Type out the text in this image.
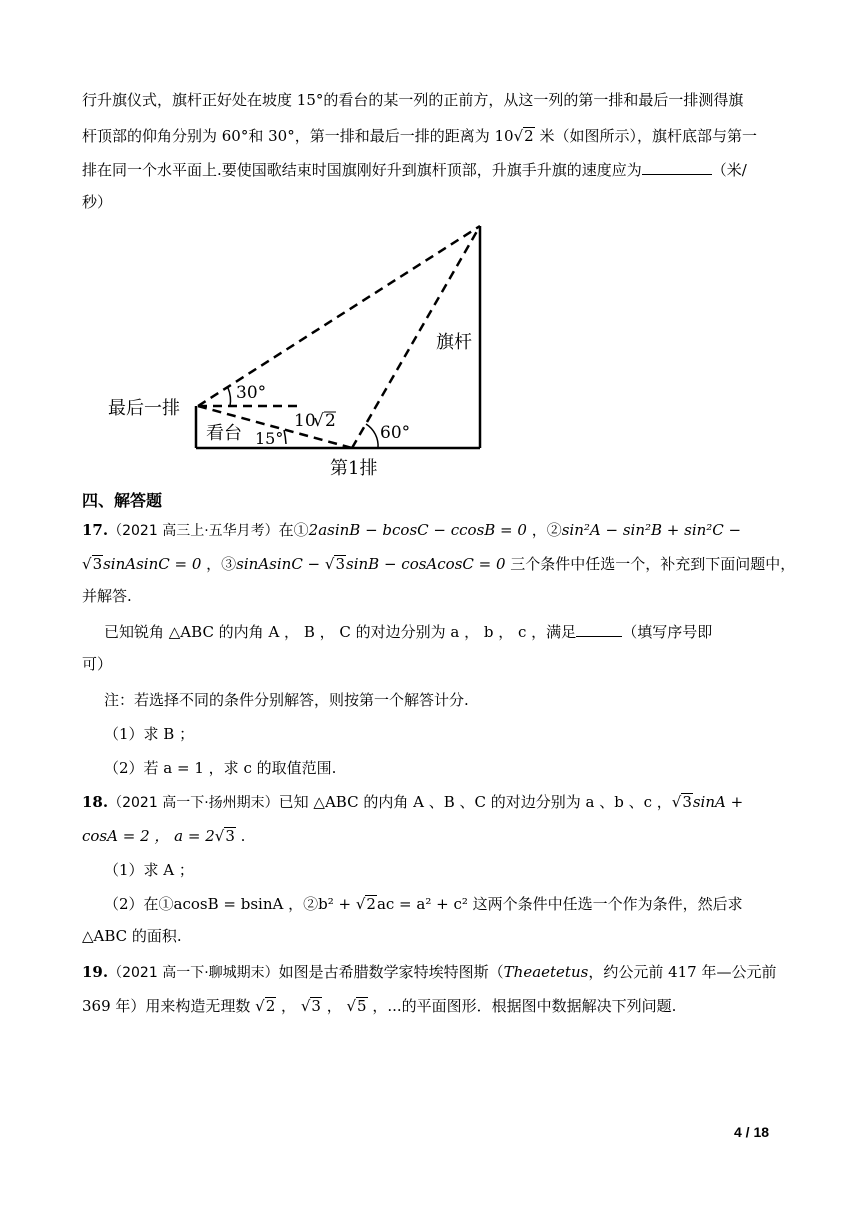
行升旗仪式，旗杆正好处在坡度 15°的看台的某一列的正前方，从这一列的第一排和最后一排测得旗
杆顶部的仰角分别为 60°和 30°，第一排和最后一排的距离为 10√2 米（如图所示），旗杆底部与第一
排在同一个水平面上.要使国歌结束时国旗刚好升到旗杆顶部，升旗手升旗的速度应为	（米/
秒）
旗杆
最后一排
看台
第1排
30°
15°	60°
10
√ 2
四、解答题
17.（2021 高三上·五华月考）在①2asinB − bcosC − ccosB = 0 ，②sin²A − sin²B + sin²C −
√3sinAsinC = 0 ，③sinAsinC − √3sinB − cosAcosC = 0 三个条件中任选一个，补充到下面问题中，
并解答.
已知锐角 △ABC 的内角 A ， B ， C 的对边分别为 a ， b ， c ，满足	（填写序号即
可）
注：若选择不同的条件分别解答，则按第一个解答计分.
（1）求 B ；
（2）若 a = 1 ，求 c 的取值范围.
18.（2021 高一下·扬州期末）已知 △ABC 的内角 A 、B 、C 的对边分别为 a 、b 、c ，√3sinA +
cosA = 2 ， a = 2√3 .
（1）求 A ；
（2）在①acosB = bsinA ，②b² + √2ac = a² + c² 这两个条件中任选一个作为条件，然后求
△ABC 的面积.
19.（2021 高一下·聊城期末）如图是古希腊数学家特埃特图斯（Theaetetus，约公元前 417 年—公元前
369 年）用来构造无理数 √2 ， √3 ， √5 ，...的平面图形．根据图中数据解决下列问题.
4 / 18
